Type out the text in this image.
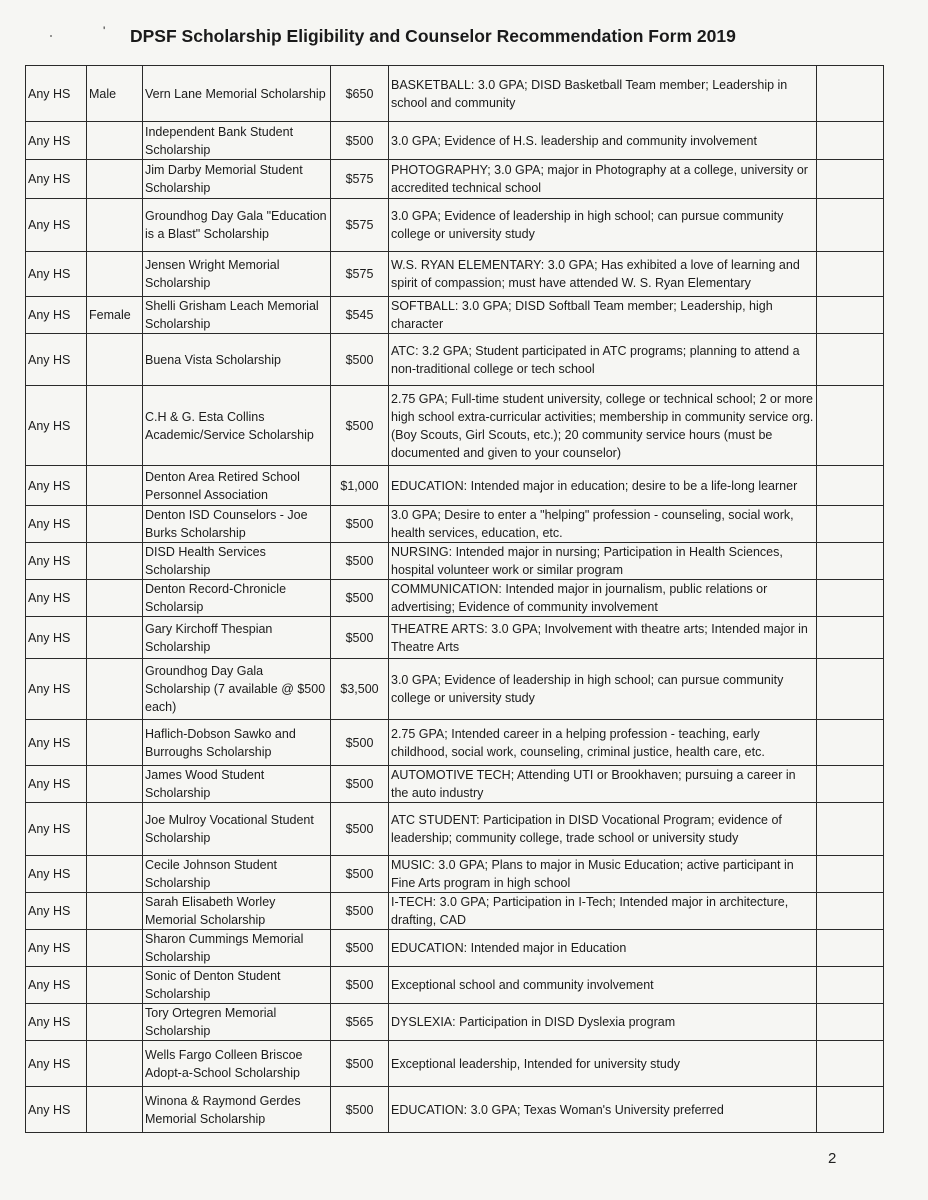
' DPSF Scholarship Eligibility and Counselor Recommendation Form 2019
Any HS	Male	Vern Lane Memorial Scholarship	$650	BASKETBALL: 3.0 GPA; DISD Basketball Team member; Leadership in school and community	
Any HS		Independent Bank Student Scholarship	$500	3.0 GPA; Evidence of H.S. leadership and community involvement	
Any HS		Jim Darby Memorial Student Scholarship	$575	PHOTOGRAPHY; 3.0 GPA; major in Photography at a college, university or accredited technical school	
Any HS		Groundhog Day Gala "Education is a Blast" Scholarship	$575	3.0 GPA; Evidence of leadership in high school; can pursue community college or university study	
Any HS		Jensen Wright Memorial Scholarship	$575	W.S. RYAN ELEMENTARY: 3.0 GPA; Has exhibited a love of learning and spirit of compassion; must have attended W. S. Ryan Elementary	
Any HS	Female	Shelli Grisham Leach Memorial Scholarship	$545	SOFTBALL: 3.0 GPA; DISD Softball Team member; Leadership, high character	
Any HS		Buena Vista Scholarship	$500	ATC: 3.2 GPA; Student participated in ATC programs; planning to attend a non-traditional college or tech school	
Any HS		C.H & G. Esta Collins Academic/Service Scholarship	$500	2.75 GPA; Full-time student university, college or technical school; 2 or more high school extra-curricular activities; membership in community service org. (Boy Scouts, Girl Scouts, etc.); 20 community service hours (must be documented and given to your counselor)	
Any HS		Denton Area Retired School Personnel Association	$1,000	EDUCATION: Intended major in education; desire to be a life-long learner	
Any HS		Denton ISD Counselors - Joe Burks Scholarship	$500	3.0 GPA; Desire to enter a "helping" profession - counseling, social work, health services, education, etc.	
Any HS		DISD Health Services Scholarship	$500	NURSING: Intended major in nursing; Participation in Health Sciences, hospital volunteer work or similar program	
Any HS		Denton Record-Chronicle Scholarsip	$500	COMMUNICATION: Intended major in journalism, public relations or advertising; Evidence of community involvement	
Any HS		Gary Kirchoff Thespian Scholarship	$500	THEATRE ARTS: 3.0 GPA; Involvement with theatre arts; Intended major in Theatre Arts	
Any HS		Groundhog Day Gala Scholarship (7 available @ $500 each)	$3,500	3.0 GPA; Evidence of leadership in high school; can pursue community college or university study	
Any HS		Haflich-Dobson Sawko and Burroughs Scholarship	$500	2.75 GPA; Intended career in a helping profession - teaching, early childhood, social work, counseling, criminal justice, health care, etc.	
Any HS		James Wood Student Scholarship	$500	AUTOMOTIVE TECH; Attending UTI or Brookhaven; pursuing a career in the auto industry	
Any HS		Joe Mulroy Vocational Student Scholarship	$500	ATC STUDENT: Participation in DISD Vocational Program; evidence of leadership; community college, trade school or university study	
Any HS		Cecile Johnson Student Scholarship	$500	MUSIC: 3.0 GPA; Plans to major in Music Education; active participant in Fine Arts program in high school	
Any HS		Sarah Elisabeth Worley Memorial Scholarship	$500	I-TECH: 3.0 GPA; Participation in I-Tech; Intended major in architecture, drafting, CAD	
Any HS		Sharon Cummings Memorial Scholarship	$500	EDUCATION: Intended major in Education	
Any HS		Sonic of Denton Student Scholarship	$500	Exceptional school and community involvement	
Any HS		Tory Ortegren Memorial Scholarship	$565	DYSLEXIA: Participation in DISD Dyslexia program	
Any HS		Wells Fargo Colleen Briscoe Adopt-a-School Scholarship	$500	Exceptional leadership, Intended for university study	
Any HS		Winona & Raymond Gerdes Memorial Scholarship	$500	EDUCATION: 3.0 GPA; Texas Woman's University preferred	
2
